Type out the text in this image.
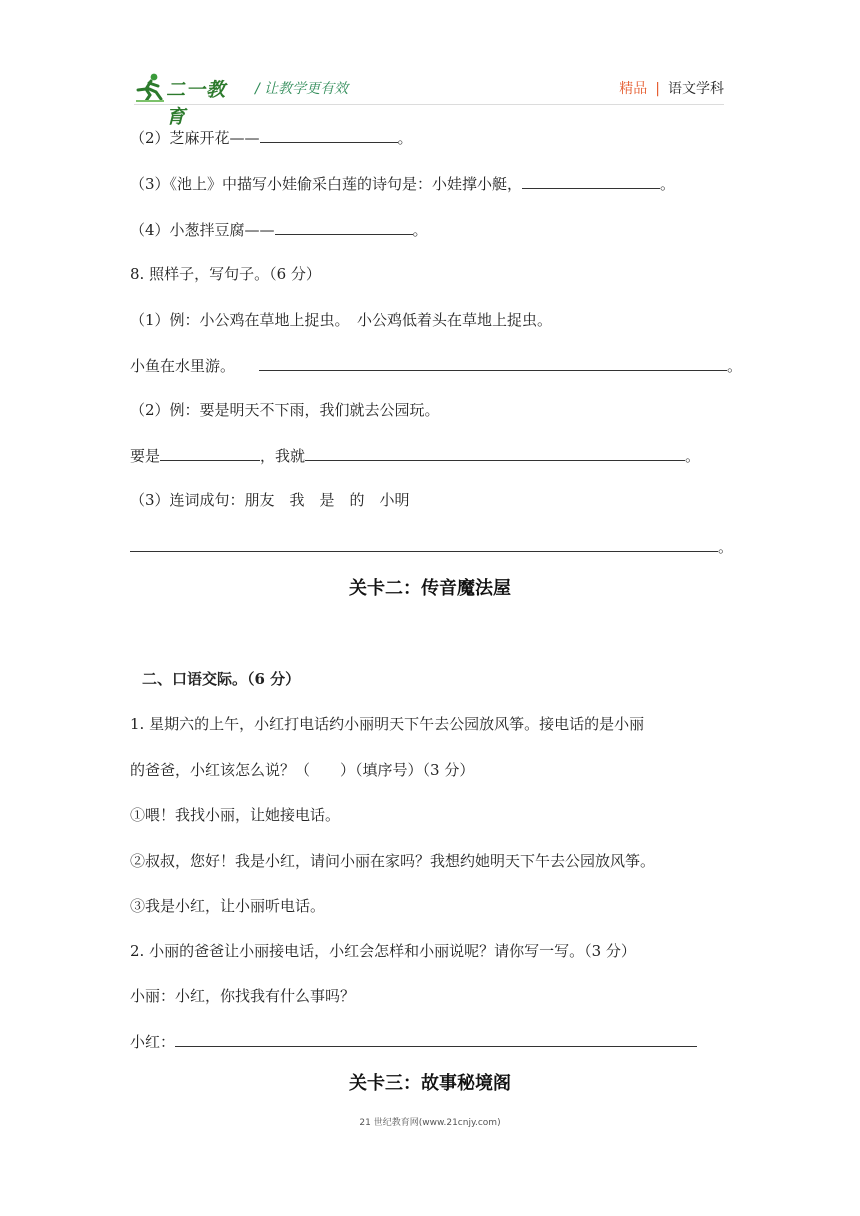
二一教育
/ 让教学更有效	精品 | 语文学科
（2）芝麻开花——	。
（3）《池上》中描写小娃偷采白莲的诗句是：小娃撑小艇，	。
（4）小葱拌豆腐——	。
8. 照样子，写句子。（6 分）
（1）例：小公鸡在草地上捉虫。　小公鸡低着头在草地上捉虫。
小鱼在水里游。	。
（2）例：要是明天不下雨，我们就去公园玩。
要是	，我就	。
（3）连词成句：朋友　我　是　的　小明
。
关卡二：传音魔法屋
二、口语交际。（6 分）
1. 星期六的上午，小红打电话约小丽明天下午去公园放风筝。接电话的是小丽
的爸爸，小红该怎么说？（　　）（填序号）（3 分）
①喂！我找小丽，让她接电话。
②叔叔，您好！我是小红，请问小丽在家吗？我想约她明天下午去公园放风筝。
③我是小红，让小丽听电话。
2. 小丽的爸爸让小丽接电话，小红会怎样和小丽说呢？请你写一写。（3 分）
小丽：小红，你找我有什么事吗？
小红：
关卡三：故事秘境阁
21 世纪教育网(www.21cnjy.com)
